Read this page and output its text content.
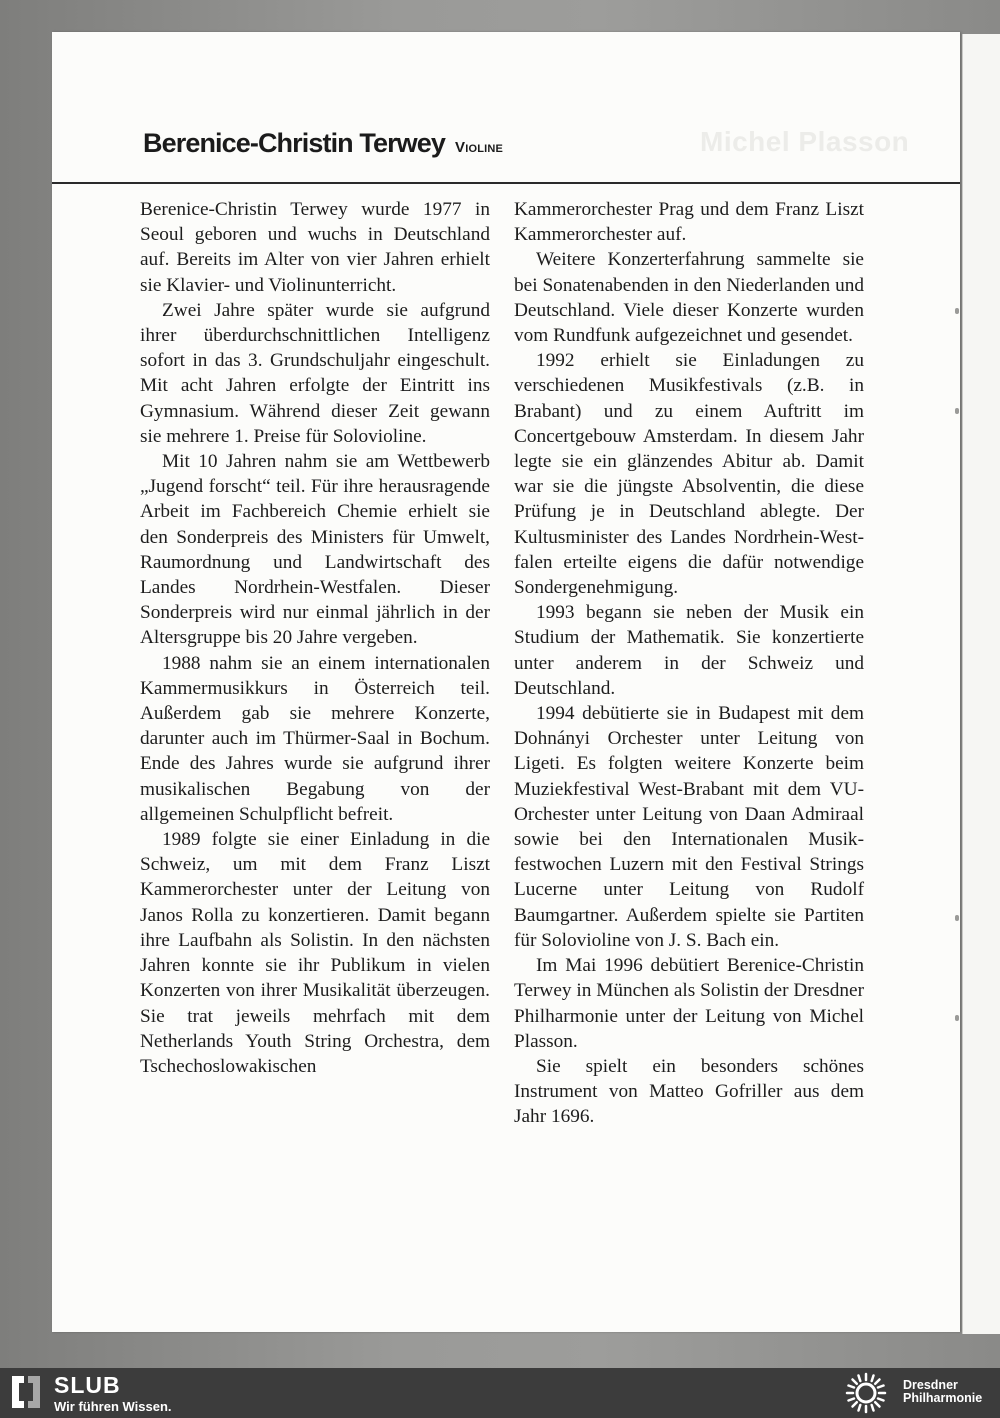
Michel Plasson
Berenice-Christin Terwey Violine

Berenice-Christin Terwey wurde 1977 in Seoul geboren und wuchs in Deutschland auf. Bereits im Alter von vier Jahren erhielt sie Klavier- und Violinunterricht.

Zwei Jahre später wurde sie aufgrund ihrer überdurchschnittlichen Intelligenz sofort in das 3. Grundschuljahr eingeschult. Mit acht Jahren erfolgte der Eintritt ins Gymnasium. Während dieser Zeit gewann sie mehrere 1. Preise für Solovioline.

Mit 10 Jahren nahm sie am Wettbewerb „Jugend forscht“ teil. Für ihre herausragende Arbeit im Fachbereich Chemie erhielt sie den Sonderpreis des Ministers für Umwelt, Raumordnung und Landwirtschaft des Landes Nordrhein-Westfalen. Dieser Sonderpreis wird nur einmal jährlich in der Altersgruppe bis 20 Jahre vergeben.

1988 nahm sie an einem internationalen Kammermusikkurs in Österreich teil. Außerdem gab sie mehrere Konzerte, darunter auch im Thürmer-Saal in Bochum. Ende des Jahres wurde sie aufgrund ihrer musikalischen Begabung von der allgemeinen Schulpflicht befreit.

1989 folgte sie einer Einladung in die Schweiz, um mit dem Franz Liszt Kammerorchester unter der Leitung von Janos Rolla zu konzertieren. Damit begann ihre Laufbahn als Solistin. In den nächsten Jahren konnte sie ihr Publikum in vielen Konzerten von ihrer Musikalität überzeugen. Sie trat jeweils mehrfach mit dem Netherlands Youth String Orchestra, dem Tschechoslowakischen

Kammerorchester Prag und dem Franz Liszt Kammerorchester auf.

Weitere Konzerterfahrung sammelte sie bei Sonatenabenden in den Niederlanden und Deutschland. Viele dieser Konzerte wurden vom Rundfunk aufgezeichnet und gesendet.

1992 erhielt sie Einladungen zu verschiedenen Musikfestivals (z.B. in Brabant) und zu einem Auftritt im Concertgebouw Amsterdam. In diesem Jahr legte sie ein glänzendes Abitur ab. Damit war sie die jüngste Absolventin, die diese Prüfung je in Deutschland ablegte. Der Kultusminister des Landes Nordrhein-Westfalen erteilte eigens die dafür notwendige Sondergenehmigung.

1993 begann sie neben der Musik ein Studium der Mathematik. Sie konzertierte unter anderem in der Schweiz und Deutschland.

1994 debütierte sie in Budapest mit dem Dohnányi Orchester unter Leitung von Ligeti. Es folgten weitere Konzerte beim Muziekfestival West-Brabant mit dem VU-Orchester unter Leitung von Daan Admiraal sowie bei den Internationalen Musikfestwochen Luzern mit den Festival Strings Lucerne unter Leitung von Rudolf Baumgartner. Außerdem spielte sie Partiten für Solovioline von J. S. Bach ein.

Im Mai 1996 debütiert Berenice-Christin Terwey in München als Solistin der Dresdner Philharmonie unter der Leitung von Michel Plasson.

Sie spielt ein besonders schönes Instrument von Matteo Gofriller aus dem Jahr 1696.

SLUB
Wir führen Wissen.
Dresdner
Philharmonie
